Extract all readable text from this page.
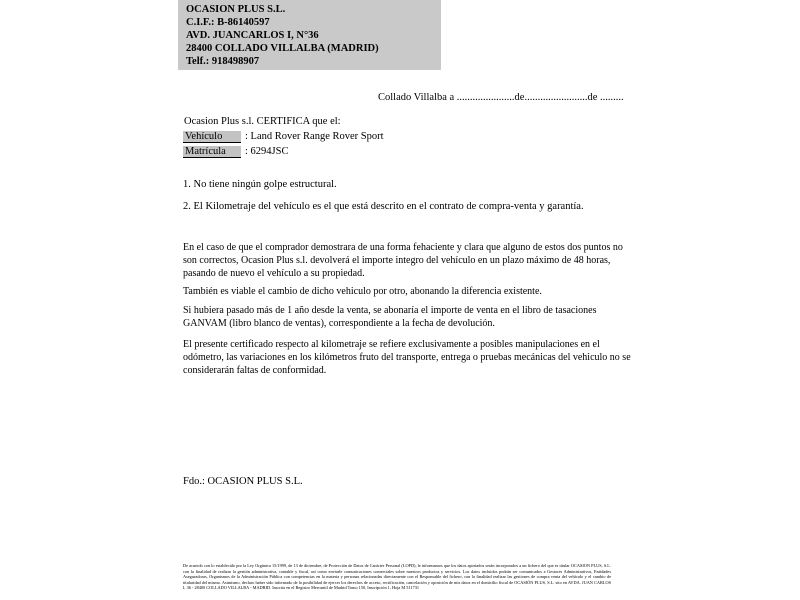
OCASION PLUS S.L.
C.I.F.: B-86140597
AVD. JUANCARLOS I, N°36
28400 COLLADO VILLALBA (MADRID)
Telf.: 918498907
Collado Villalba a ......................de........................de .........
Ocasion Plus s.l. CERTIFICA que el:
Vehículo : Land Rover Range Rover Sport
Matrícula : 6294JSC
1. No tiene ningún golpe estructural.
2. El Kilometraje del vehículo es el que está descrito en el contrato de compra-venta y garantía.
En el caso de que el comprador demostrara de una forma fehaciente y clara que alguno de estos dos puntos no son correctos, Ocasion Plus s.l. devolverá el importe integro del vehículo en un plazo máximo de 48 horas, pasando de nuevo el vehículo a su propiedad.
También es viable el cambio de dicho vehiculo por otro, abonando la diferencia existente.
Si hubiera pasado más de 1 año desde la venta, se abonaría el importe de venta en el libro de tasaciones GANVAM (libro blanco de ventas), correspondiente a la fecha de devolución.
El presente certificado respecto al kilometraje se refiere exclusivamente a posibles manipulaciones en el odómetro, las variaciones en los kilómetros fruto del transporte, entrega o pruebas mecánicas del vehiculo no se considerarán faltas de conformidad.
Fdo.: OCASION PLUS S.L.
De acuerdo con lo establecido por la Ley Orgánica 15/1999, de 13 de diciembre, de Protección de Datos de Carácter Personal (LOPD), le informamos que los datos aportados serán incorporados a un fichero del que es titular OCASION PLUS, S.L. con la finalidad de realizar la gestión administrativa, contable y fiscal, así como enviarle comunicaciones comerciales sobre nuestros productos y servicios. Los datos incluidos podrán ser comunicados a Gestores Administrativos, Entidades Aseguradoras, Organismos de la Administración Pública con competencias en la materia y personas relacionadas directamente con el Responsable del fichero, con la finalidad realizar las gestiones de compra venta del vehículo y el cambio de titularidad del mismo. Asimismo, declaro haber sido informado de la posibilidad de ejercer los derechos de acceso, rectificación, cancelación y oposición de mis datos en el domicilio fiscal de OCASIÓN PLUS, S.L. sito en AVDA. JUAN CARLOS I, 36 - 28400 COLLADO VILLALBA - MADRID. Inscrita en el Registro Mercantil de Madrid Tomo 150, Inscripción 1, Hoja M 511731
